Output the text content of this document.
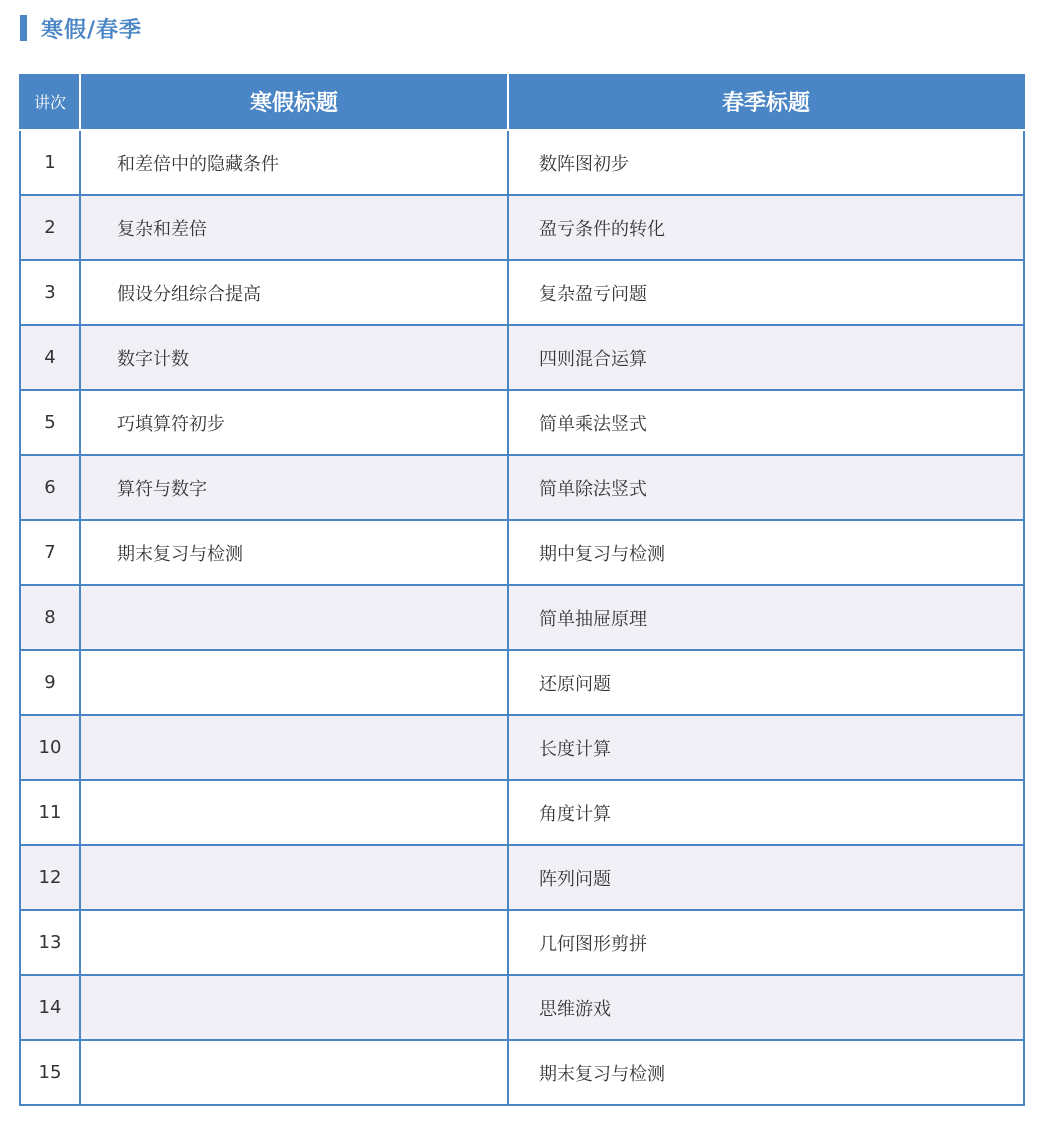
寒假/春季
讲次	寒假标题	春季标题
1	和差倍中的隐藏条件	数阵图初步
2	复杂和差倍	盈亏条件的转化
3	假设分组综合提高	复杂盈亏问题
4	数字计数	四则混合运算
5	巧填算符初步	简单乘法竖式
6	算符与数字	简单除法竖式
7	期末复习与检测	期中复习与检测
8		简单抽屉原理
9		还原问题
10		长度计算
11		角度计算
12		阵列问题
13		几何图形剪拼
14		思维游戏
15		期末复习与检测
